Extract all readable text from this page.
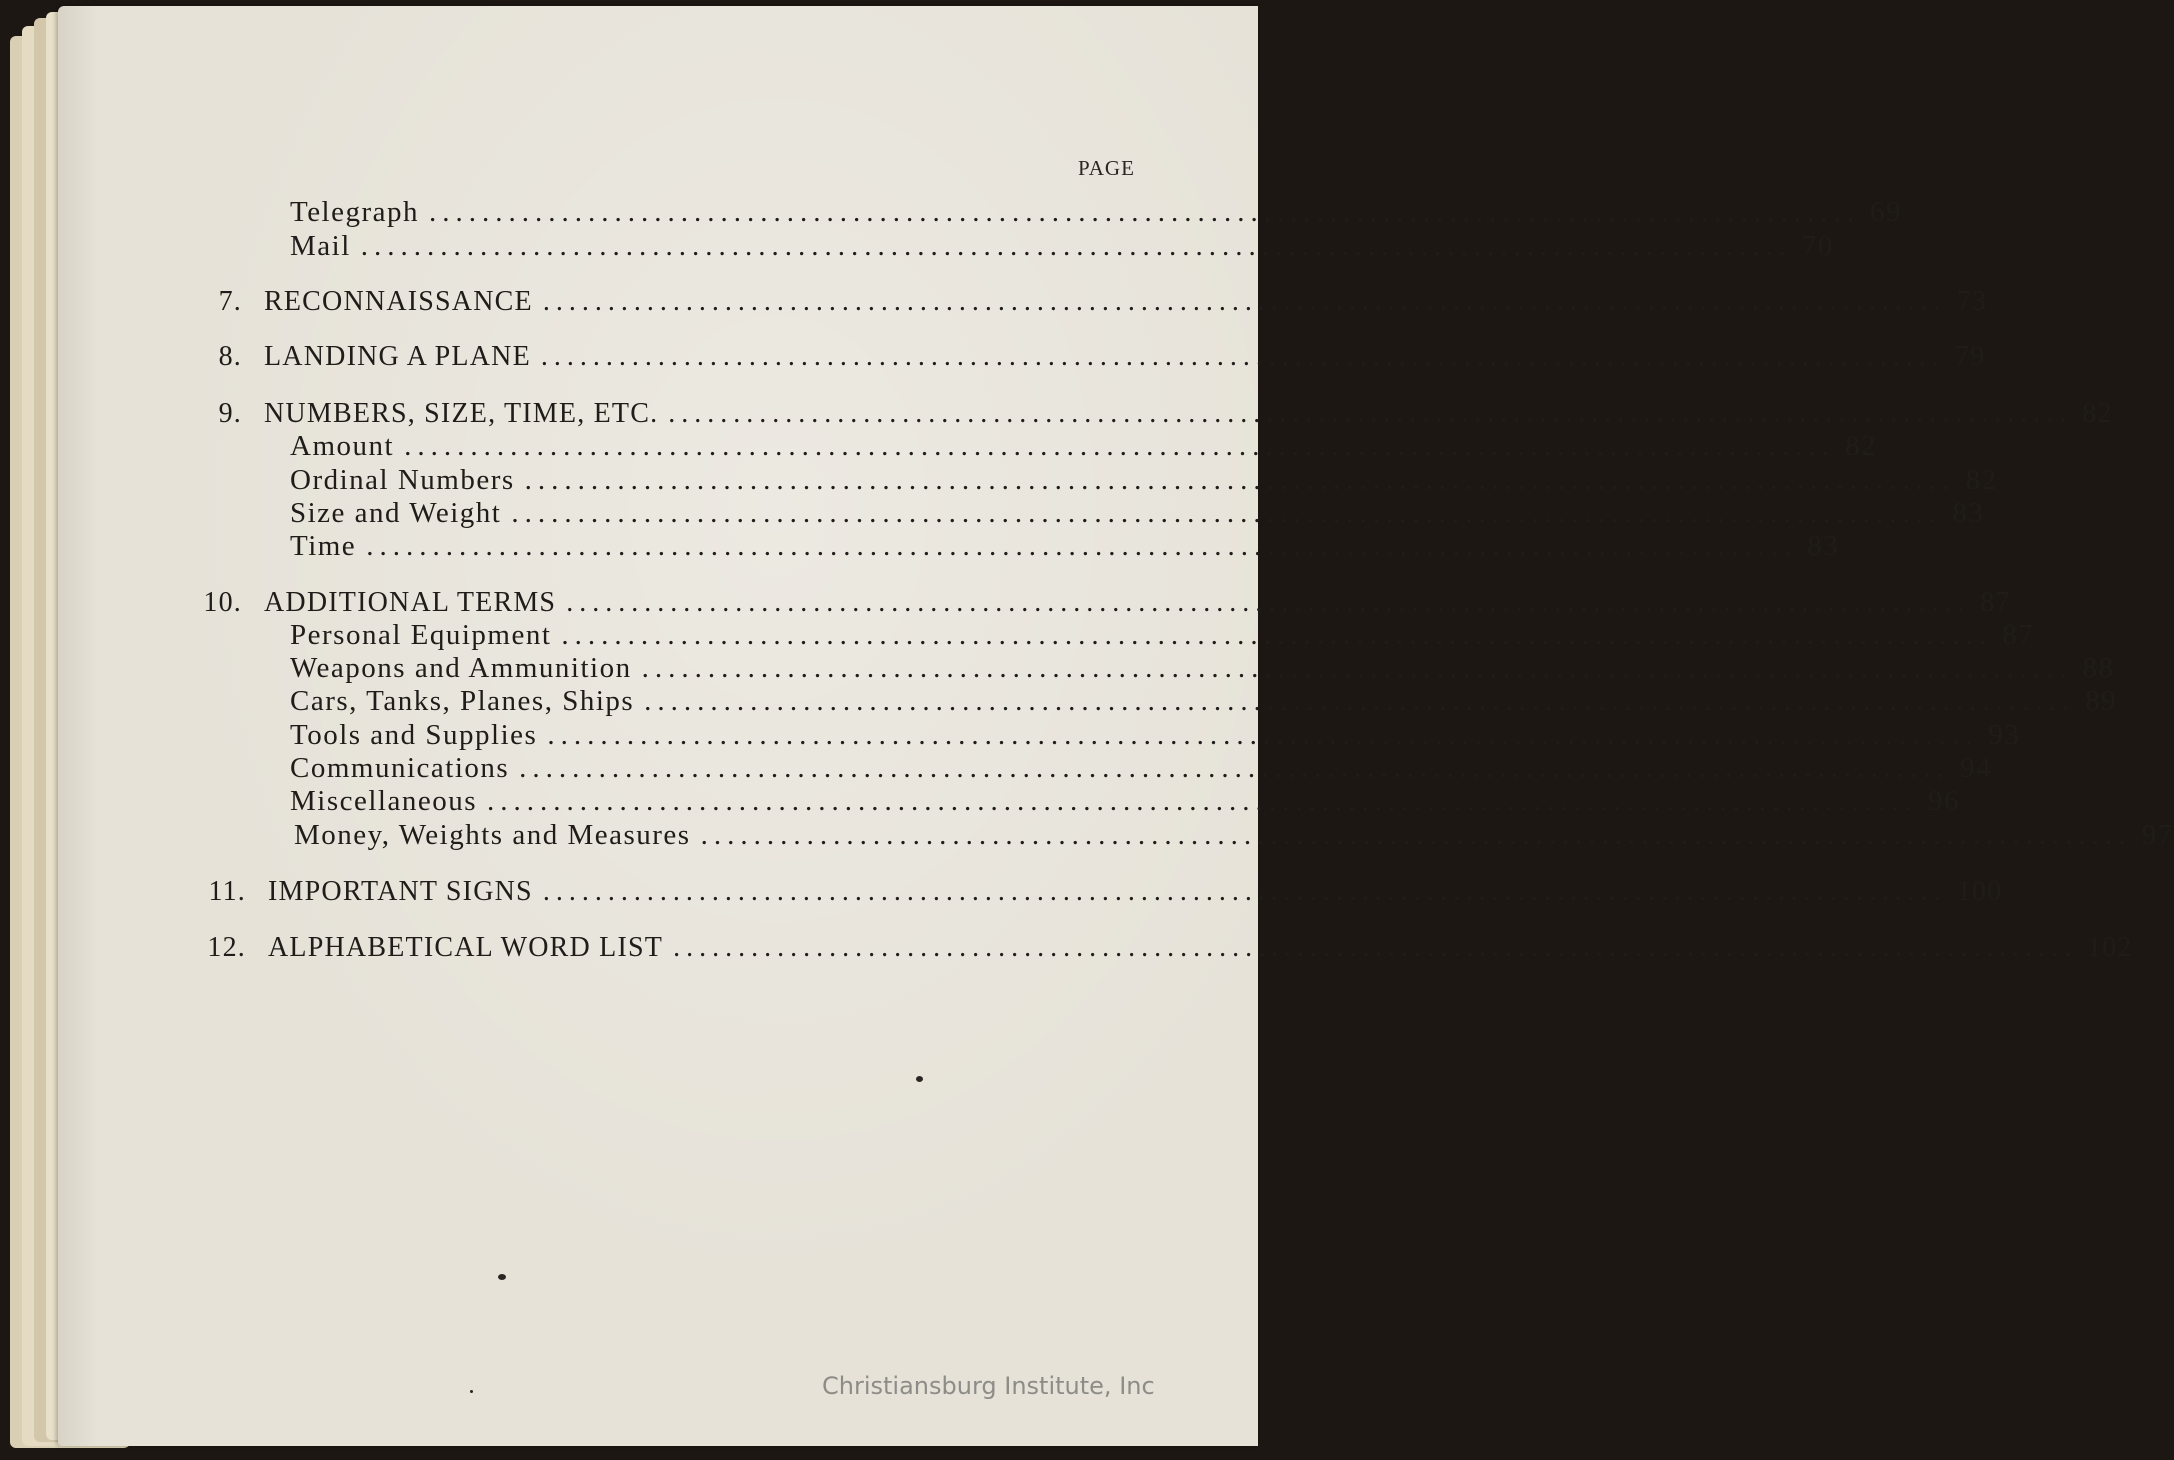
PAGE
Telegraph ............................................................................................................ 69
Mail ............................................................................................................ 70
7. RECONNAISSANCE ............................................................................................................ 73
8. LANDING A PLANE ............................................................................................................ 79
9. NUMBERS, SIZE, TIME, ETC. ............................................................................................................ 82
Amount ............................................................................................................ 82
Ordinal Numbers ............................................................................................................ 82
Size and Weight ............................................................................................................ 83
Time ............................................................................................................ 83
10. ADDITIONAL TERMS ............................................................................................................ 87
Personal Equipment ............................................................................................................ 87
Weapons and Ammunition ............................................................................................................ 88
Cars, Tanks, Planes, Ships ............................................................................................................ 89
Tools and Supplies ............................................................................................................ 93
Communications ............................................................................................................ 94
Miscellaneous ............................................................................................................ 96
Money, Weights and Measures ............................................................................................................ 97
11. IMPORTANT SIGNS ............................................................................................................ 100
12. ALPHABETICAL WORD LIST ............................................................................................................ 102
Christiansburg Institute, Inc
